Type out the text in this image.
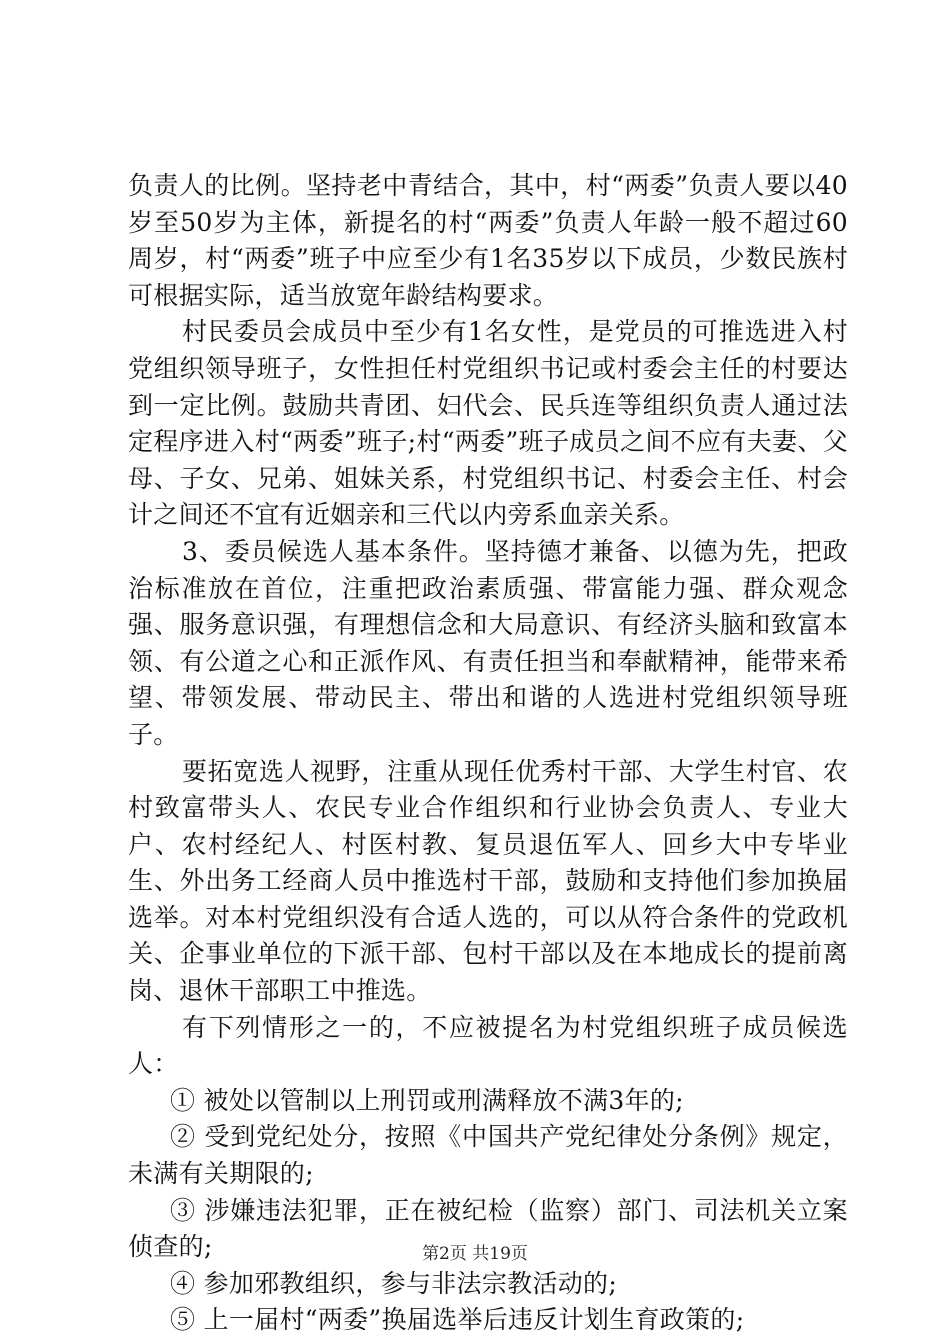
负责人的比例。坚持老中青结合，其中，村“两委”负责人要以40岁至50岁为主体，新提名的村“两委”负责人年龄一般不超过60周岁，村“两委”班子中应至少有1名35岁以下成员，少数民族村可根据实际，适当放宽年龄结构要求。

村民委员会成员中至少有1名女性，是党员的可推选进入村党组织领导班子，女性担任村党组织书记或村委会主任的村要达到一定比例。鼓励共青团、妇代会、民兵连等组织负责人通过法定程序进入村“两委”班子;村“两委”班子成员之间不应有夫妻、父母、子女、兄弟、姐妹关系，村党组织书记、村委会主任、村会计之间还不宜有近姻亲和三代以内旁系血亲关系。

3、委员候选人基本条件。坚持德才兼备、以德为先，把政治标准放在首位，注重把政治素质强、带富能力强、群众观念强、服务意识强，有理想信念和大局意识、有经济头脑和致富本领、有公道之心和正派作风、有责任担当和奉献精神，能带来希望、带领发展、带动民主、带出和谐的人选进村党组织领导班子。

要拓宽选人视野，注重从现任优秀村干部、大学生村官、农村致富带头人、农民专业合作组织和行业协会负责人、专业大户、农村经纪人、村医村教、复员退伍军人、回乡大中专毕业生、外出务工经商人员中推选村干部，鼓励和支持他们参加换届选举。对本村党组织没有合适人选的，可以从符合条件的党政机关、企事业单位的下派干部、包村干部以及在本地成长的提前离岗、退休干部职工中推选。

有下列情形之一的，不应被提名为村党组织班子成员候选人：

① 被处以管制以上刑罚或刑满释放不满3年的;

② 受到党纪处分，按照《中国共产党纪律处分条例》规定，未满有关期限的;

③ 涉嫌违法犯罪，正在被纪检（监察）部门、司法机关立案侦查的;

④ 参加邪教组织，参与非法宗教活动的;

⑤ 上一届村“两委”换届选举后违反计划生育政策的;

第2页 共19页
